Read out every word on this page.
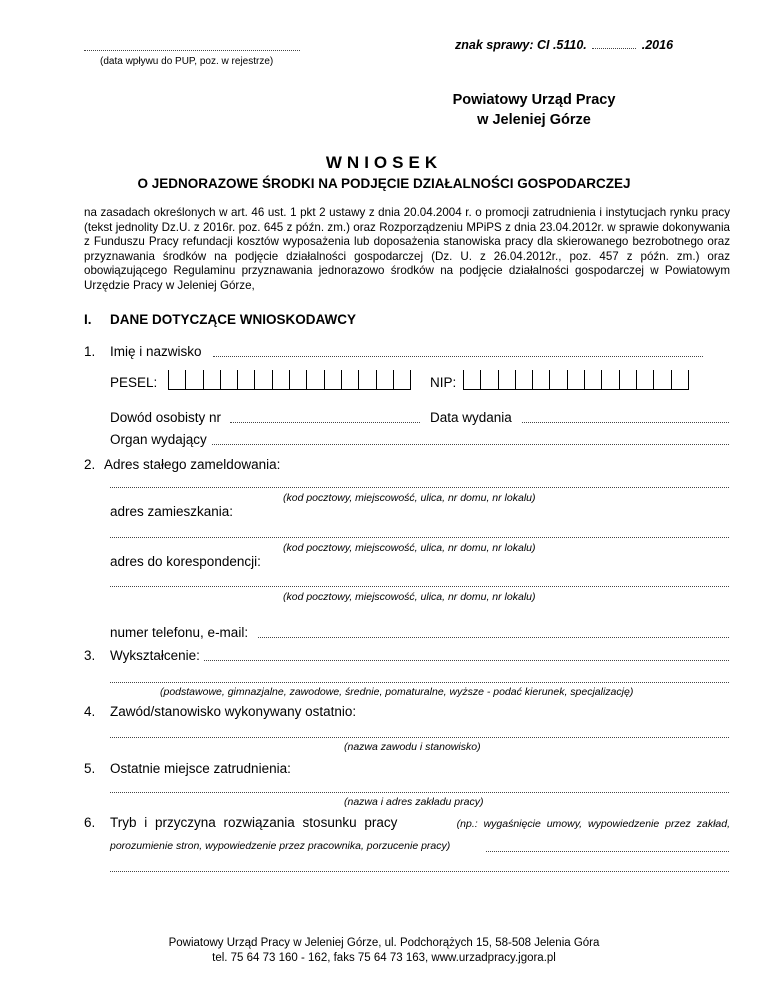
(data wpływu do PUP, poz. w rejestrze)
znak sprawy: CI .5110.	.2016
Powiatowy Urząd Pracy
w Jeleniej Górze
WNIOSEK
O JEDNORAZOWE ŚRODKI NA PODJĘCIE DZIAŁALNOŚCI GOSPODARCZEJ
na zasadach określonych w art. 46 ust. 1 pkt 2 ustawy z dnia 20.04.2004 r. o promocji zatrudnienia i instytucjach rynku pracy (tekst jednolity Dz.U. z 2016r. poz. 645 z późn. zm.) oraz Rozporządzeniu MPiPS z dnia 23.04.2012r. w sprawie dokonywania z Funduszu Pracy refundacji kosztów wyposażenia lub doposażenia stanowiska pracy dla skierowanego bezrobotnego oraz przyznawania środków na podjęcie działalności gospodarczej (Dz. U. z 26.04.2012r., poz. 457 z późn. zm.) oraz obowiązującego Regulaminu przyznawania jednorazowo środków na podjęcie działalności gospodarczej w Powiatowym Urzędzie Pracy w Jeleniej Górze,
I. DANE DOTYCZĄCE WNIOSKODAWCY
1. Imię i nazwisko
PESEL:	NIP:
Dowód osobisty nr	Data wydania
Organ wydający
2. Adres stałego zameldowania:
(kod pocztowy, miejscowość, ulica, nr domu, nr lokalu)
adres zamieszkania:
(kod pocztowy, miejscowość, ulica, nr domu, nr lokalu)
adres do korespondencji:
(kod pocztowy, miejscowość, ulica, nr domu, nr lokalu)
numer telefonu, e-mail:
3. Wykształcenie:
(podstawowe, gimnazjalne, zawodowe, średnie, pomaturalne, wyższe - podać kierunek, specjalizację)
4. Zawód/stanowisko wykonywany ostatnio:
(nazwa zawodu i stanowisko)
5. Ostatnie miejsce zatrudnienia:
(nazwa i adres zakładu pracy)
6. Tryb i przyczyna rozwiązania stosunku pracy	(np.: wygaśnięcie umowy, wypowiedzenie przez zakład,
porozumienie stron, wypowiedzenie przez pracownika, porzucenie pracy)
Powiatowy Urząd Pracy w Jeleniej Górze, ul. Podchorążych 15, 58-508 Jelenia Góra
tel. 75 64 73 160 - 162, faks 75 64 73 163, www.urzadpracy.jgora.pl
